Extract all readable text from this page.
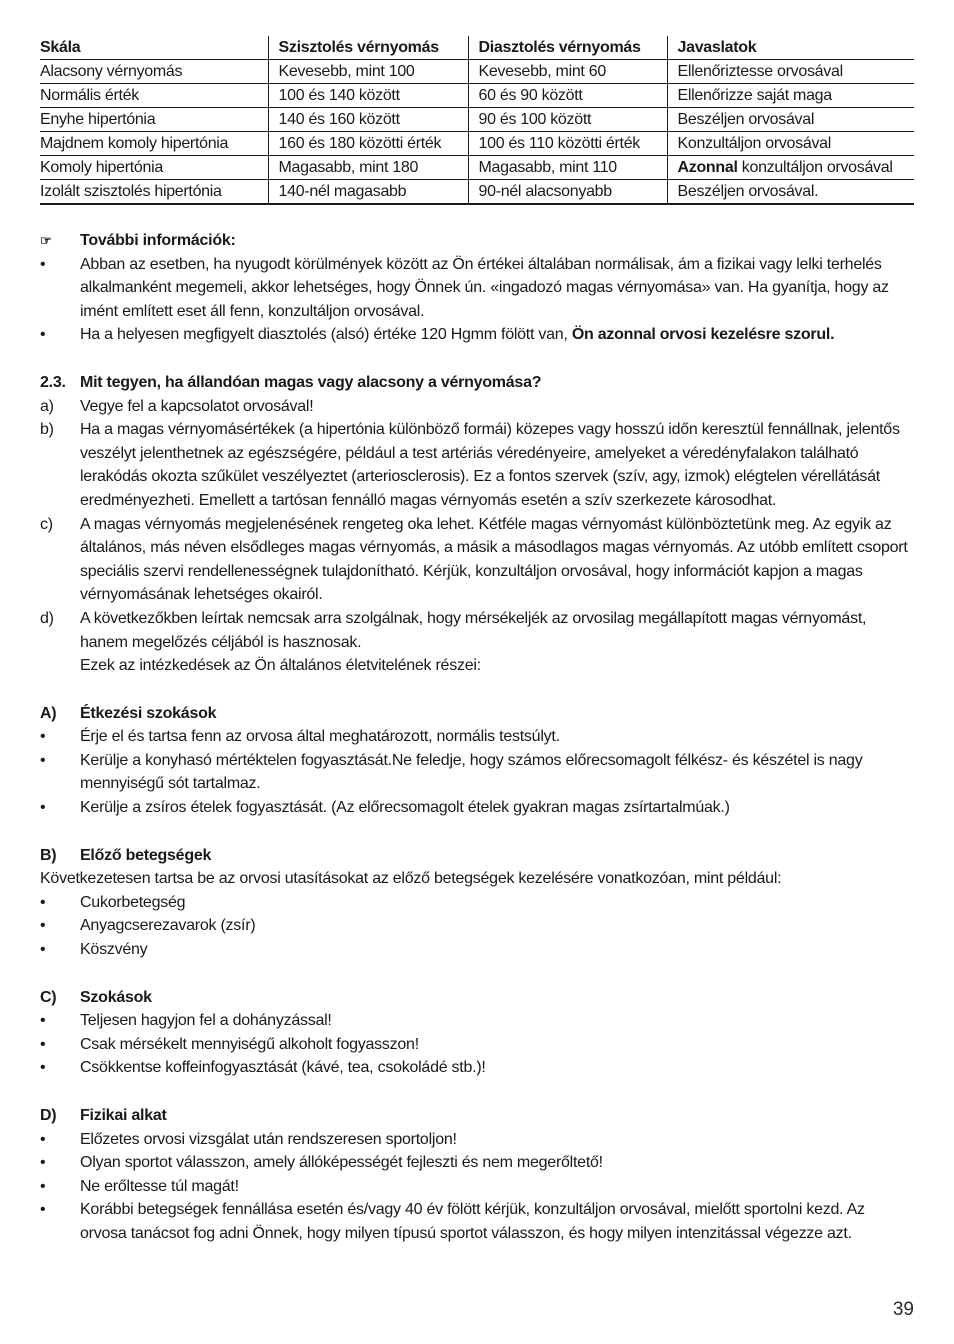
Skála	Szisztolés vérnyomás	Diasztolés vérnyomás	Javaslatok
Alacsony vérnyomás	Kevesebb, mint 100	Kevesebb, mint 60	Ellenőriztesse orvosával
Normális érték	100 és 140 között	60 és 90 között	Ellenőrizze saját maga
Enyhe hipertónia	140 és 160 között	90 és 100 között	Beszéljen orvosával
Majdnem komoly hipertónia	160 és 180 közötti érték	100 és 110 közötti érték	Konzultáljon orvosával
Komoly hipertónia	Magasabb, mint 180	Magasabb, mint 110	Azonnal konzultáljon orvosával
Izolált szisztolés hipertónia	140-nél magasabb	90-nél alacsonyabb	Beszéljen orvosával.
☞ További információk:
• Abban az esetben, ha nyugodt körülmények között az Ön értékei általában normálisak, ám a fizikai vagy lelki terhelés alkalmanként megemeli, akkor lehetséges, hogy Önnek ún. «ingadozó magas vérnyomása» van. Ha gyanítja, hogy az imént említett eset áll fenn, konzultáljon orvosával.
• Ha a helyesen megfigyelt diasztolés (alsó) értéke 120 Hgmm fölött van, Ön azonnal orvosi kezelésre szorul.
2.3. Mit tegyen, ha állandóan magas vagy alacsony a vérnyomása?
a) Vegye fel a kapcsolatot orvosával!
b) Ha a magas vérnyomásértékek (a hipertónia különböző formái) közepes vagy hosszú időn keresztül fennállnak, jelentős veszélyt jelenthetnek az egészségére, például a test artériás véredényeire, amelyeket a véredényfalakon található lerakódás okozta szűkület veszélyeztet (arteriosclerosis). Ez a fontos szervek (szív, agy, izmok) elégtelen vérellátását eredményezheti. Emellett a tartósan fennálló magas vérnyomás esetén a szív szerkezete károsodhat.
c) A magas vérnyomás megjelenésének rengeteg oka lehet. Kétféle magas vérnyomást különböztetünk meg. Az egyik az általános, más néven elsődleges magas vérnyomás, a másik a másodlagos magas vérnyomás. Az utóbb említett csoport speciális szervi rendellenességnek tulajdonítható. Kérjük, konzultáljon orvosával, hogy információt kapjon a magas vérnyomásának lehetséges okairól.
d) A következőkben leírtak nemcsak arra szolgálnak, hogy mérsékeljék az orvosilag megállapított magas vérnyomást, hanem megelőzés céljából is hasznosak.
Ezek az intézkedések az Ön általános életvitelének részei:
A) Étkezési szokások
• Érje el és tartsa fenn az orvosa által meghatározott, normális testsúlyt.
• Kerülje a konyhasó mértéktelen fogyasztását.Ne feledje, hogy számos előrecsomagolt félkész- és készétel is nagy mennyiségű sót tartalmaz.
• Kerülje a zsíros ételek fogyasztását. (Az előrecsomagolt ételek gyakran magas zsírtartalmúak.)
B) Előző betegségek
Következetesen tartsa be az orvosi utasításokat az előző betegségek kezelésére vonatkozóan, mint például:
• Cukorbetegség
• Anyagcserezavarok (zsír)
• Köszvény
C) Szokások
• Teljesen hagyjon fel a dohányzással!
• Csak mérsékelt mennyiségű alkoholt fogyasszon!
• Csökkentse koffeinfogyasztását (kávé, tea, csokoládé stb.)!
D) Fizikai alkat
• Előzetes orvosi vizsgálat után rendszeresen sportoljon!
• Olyan sportot válasszon, amely állóképességét fejleszti és nem megerőltető!
• Ne erőltesse túl magát!
• Korábbi betegségek fennállása esetén és/vagy 40 év fölött kérjük, konzultáljon orvosával, mielőtt sportolni kezd. Az orvosa tanácsot fog adni Önnek, hogy milyen típusú sportot válasszon, és hogy milyen intenzitással végezze azt.
39
